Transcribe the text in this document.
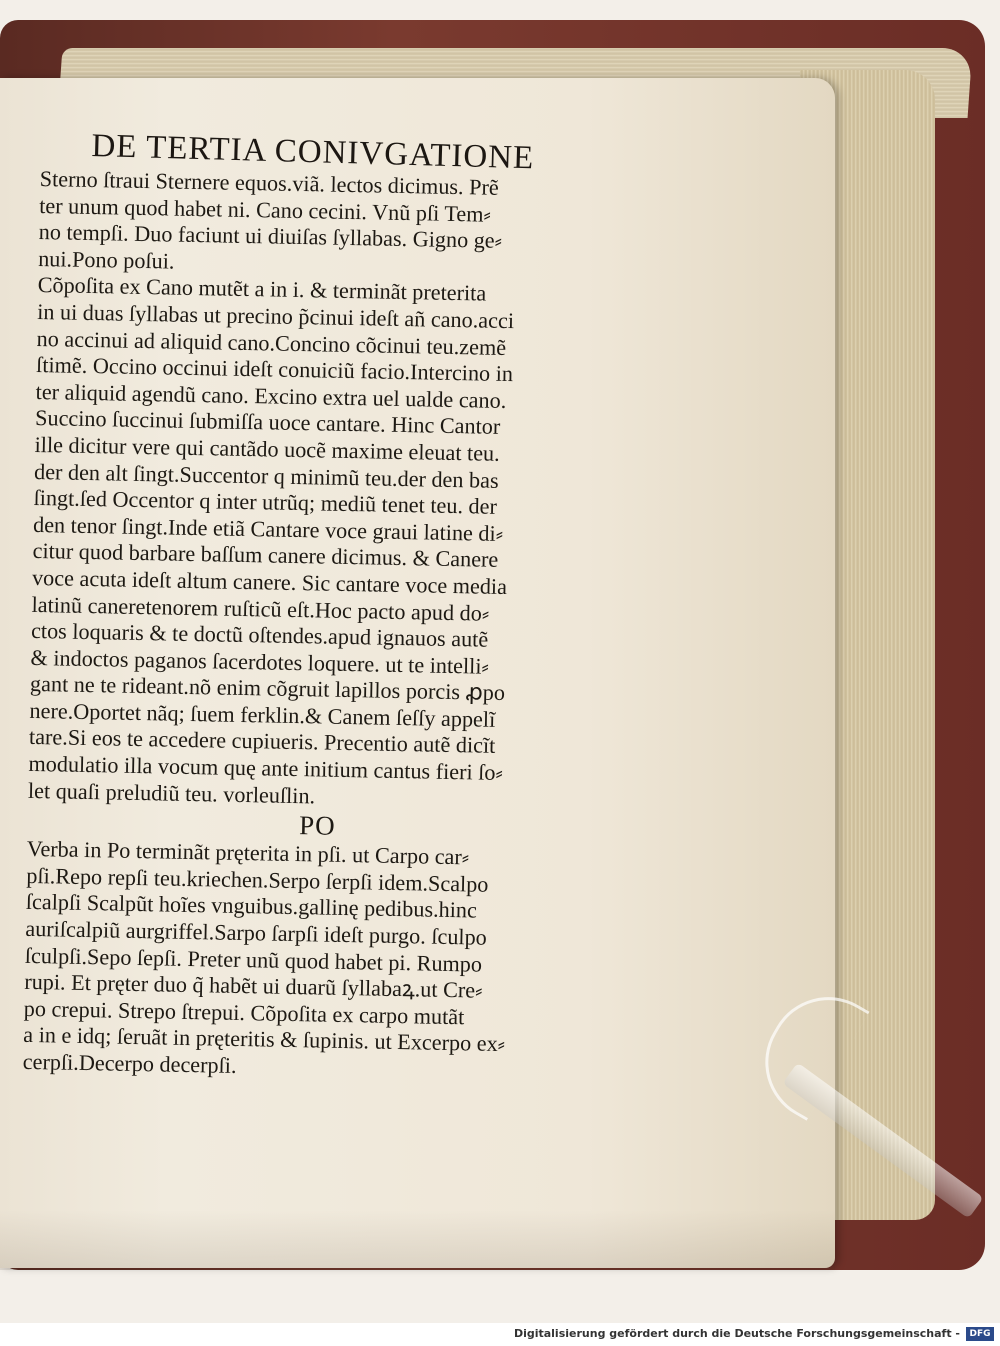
DE TERTIA CONIVGATIONE
Sterno ſtraui Sternere equos.viã. lectos dicimus. Prẽ
ter unum quod habet ni. Cano cecini. Vnũ pſi Tem⸗
no tempſi. Duo faciunt ui diuiſas ſyllabas. Gigno ge⸗
nui.Pono poſui.
Cõpoſita ex Cano mutẽt a in i. & terminãt preterita
in ui duas ſyllabas ut precino p̃cinui ideſt añ cano.acci
no accinui ad aliquid cano.Concino cõcinui teu.zemẽ
ſtimẽ. Occino occinui ideſt conuiciũ facio.Intercino in
ter aliquid agendũ cano. Excino extra uel ualde cano.
Succino ſuccinui ſubmiſſa uoce cantare. Hinc Cantor
ille dicitur vere qui cantãdo uocẽ maxime eleuat teu.
der den alt ſingt.Succentor q minimũ teu.der den bas
ſingt.ſed Occentor q inter utrũq; mediũ tenet teu. der
den tenor ſingt.Inde etiã Cantare voce graui latine di⸗
citur quod barbare baſſum canere dicimus. & Canere
voce acuta ideſt altum canere. Sic cantare voce media
latinũ caneretenorem ruſticũ eſt.Hoc pacto apud do⸗
ctos loquaris & te doctũ oſtendes.apud ignauos autẽ
& indoctos paganos ſacerdotes loquere. ut te intelli⸗
gant ne te rideant.nõ enim cõgruit lapillos porcis ꝓpo
nere.Oportet nãq; ſuem ferklin.& Canem ſeſſy appelĩ
tare.Si eos te accedere cupiueris. Precentio autẽ dicĩt
modulatio illa vocum quę ante initium cantus fieri ſo⸗
let quaſi preludiũ teu. vorleuſlin.
PO
Verba in Po terminãt pręterita in pſi. ut Carpo car⸗
pſi.Repo repſi teu.kriechen.Serpo ſerpſi idem.Scalpo
ſcalpſi Scalpũt hoĩes vnguibus.gallinę pedibus.hinc
auriſcalpiũ aurgriffel.Sarpo ſarpſi ideſt purgo. ſculpo
ſculpſi.Sepo ſepſi. Preter unũ quod habet pi. Rumpo
rupi. Et pręter duo q̃ habẽt ui duarũ ſyllabaꝝ.ut Cre⸗
po crepui. Strepo ſtrepui. Cõpoſita ex carpo mutãt
a in e idq; ſeruãt in pręteritis & ſupinis. ut Excerpo ex⸗
cerpſi.Decerpo decerpſi.
Digitalisierung gefördert durch die Deutsche Forschungsgemeinschaft -	DFG
